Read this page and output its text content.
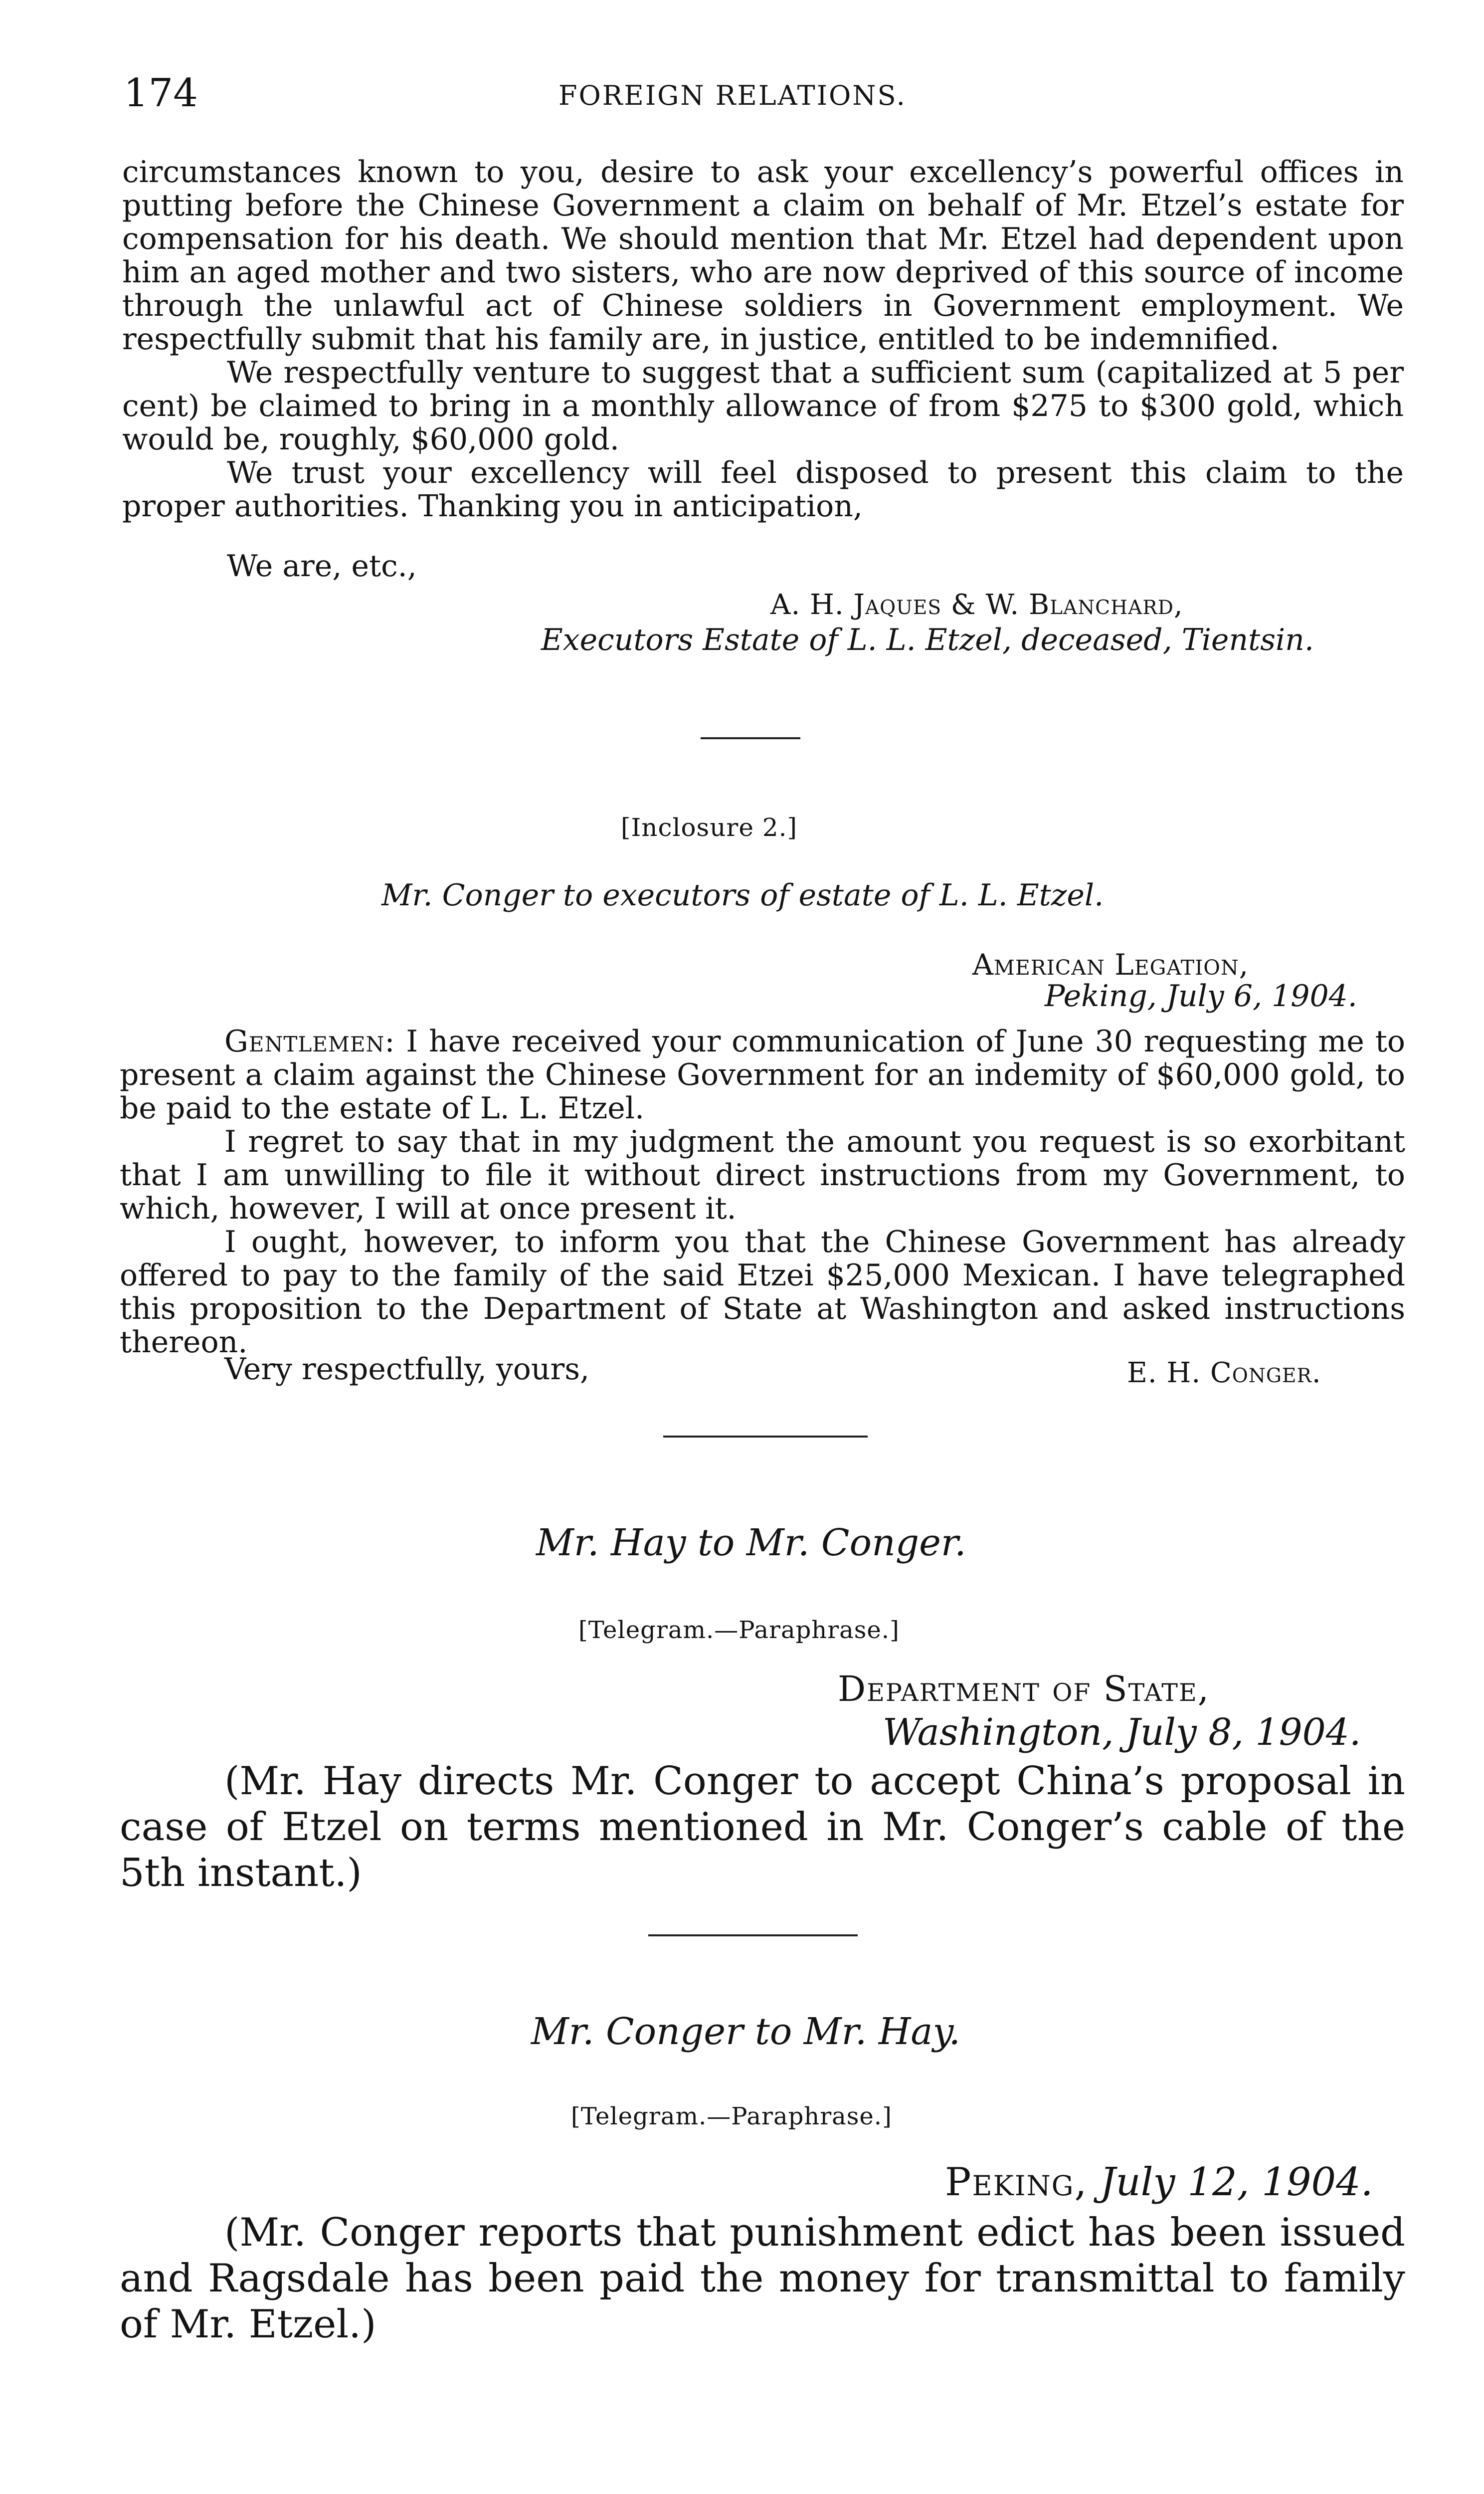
174	FOREIGN RELATIONS.

circumstances known to you, desire to ask your excellency’s powerful offices in putting before the Chinese Government a claim on behalf of Mr. Etzel’s estate for compensation for his death. We should mention that Mr. Etzel had dependent upon him an aged mother and two sisters, who are now deprived of this source of income through the unlawful act of Chinese soldiers in Government employment. We respectfully submit that his family are, in justice, entitled to be indemnified.

We respectfully venture to suggest that a sufficient sum (capitalized at 5 per cent) be claimed to bring in a monthly allowance of from $275 to $300 gold, which would be, roughly, $60,000 gold.

We trust your excellency will feel disposed to present this claim to the proper authorities. Thanking you in anticipation,

We are, etc.,
A. H. Jaques & W. Blanchard,
Executors Estate of L. L. Etzel, deceased, Tientsin.
[Inclosure 2.]
Mr. Conger to executors of estate of L. L. Etzel.
American Legation,
Peking, July 6, 1904.

Gentlemen: I have received your communication of June 30 requesting me to present a claim against the Chinese Government for an indemity of $60,000 gold, to be paid to the estate of L. L. Etzel.

I regret to say that in my judgment the amount you request is so exorbitant that I am unwilling to file it without direct instructions from my Government, to which, however, I will at once present it.

I ought, however, to inform you that the Chinese Government has already offered to pay to the family of the said Etzei $25,000 Mexican. I have telegraphed this proposition to the Department of State at Washington and asked instructions thereon.

Very respectfully, yours,	E. H. Conger.
Mr. Hay to Mr. Conger.
[Telegram.—Paraphrase.]
Department of State,
Washington, July 8, 1904.

(Mr. Hay directs Mr. Conger to accept China’s proposal in case of Etzel on terms mentioned in Mr. Conger’s cable of the 5th instant.)

Mr. Conger to Mr. Hay.
[Telegram.—Paraphrase.]
Peking, July 12, 1904.

(Mr. Conger reports that punishment edict has been issued and Ragsdale has been paid the money for transmittal to family of Mr. Etzel.)
